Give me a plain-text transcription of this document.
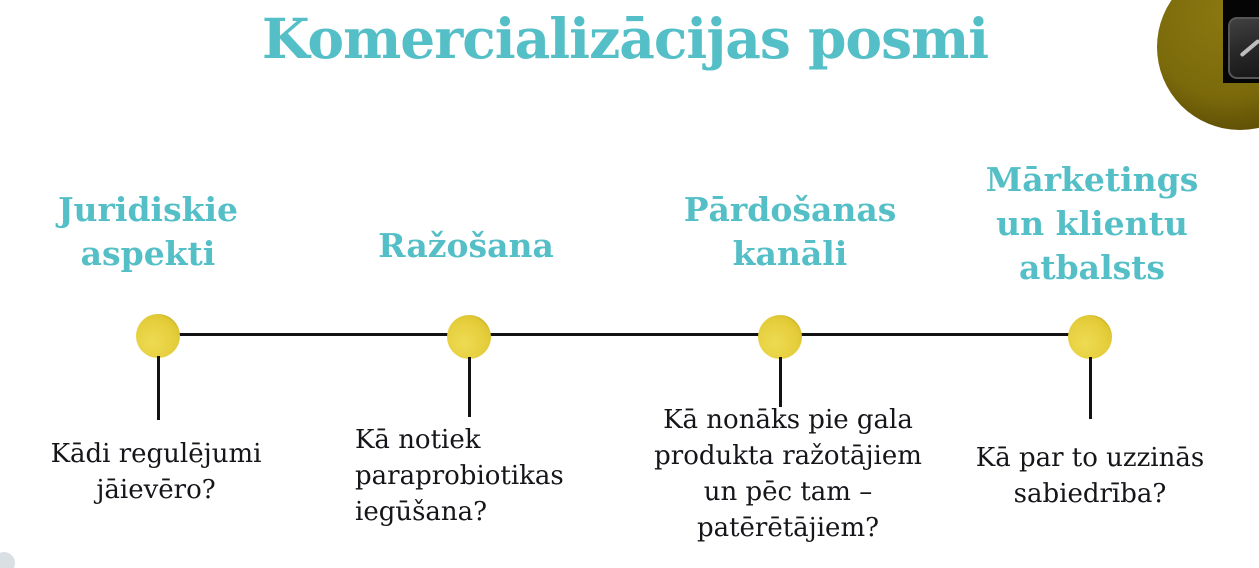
Komercializācijas posmi
Juridiskie aspekti
Kādi regulējumi jāievēro?
Ražošana
Kā notiek paraprobiotikas iegūšana?
Pārdošanas kanāli
Kā nonāks pie gala produkta ražotājiem un pēc tam – patērētājiem?
Mārketings un klientu atbalsts
Kā par to uzzinās sabiedrība?
